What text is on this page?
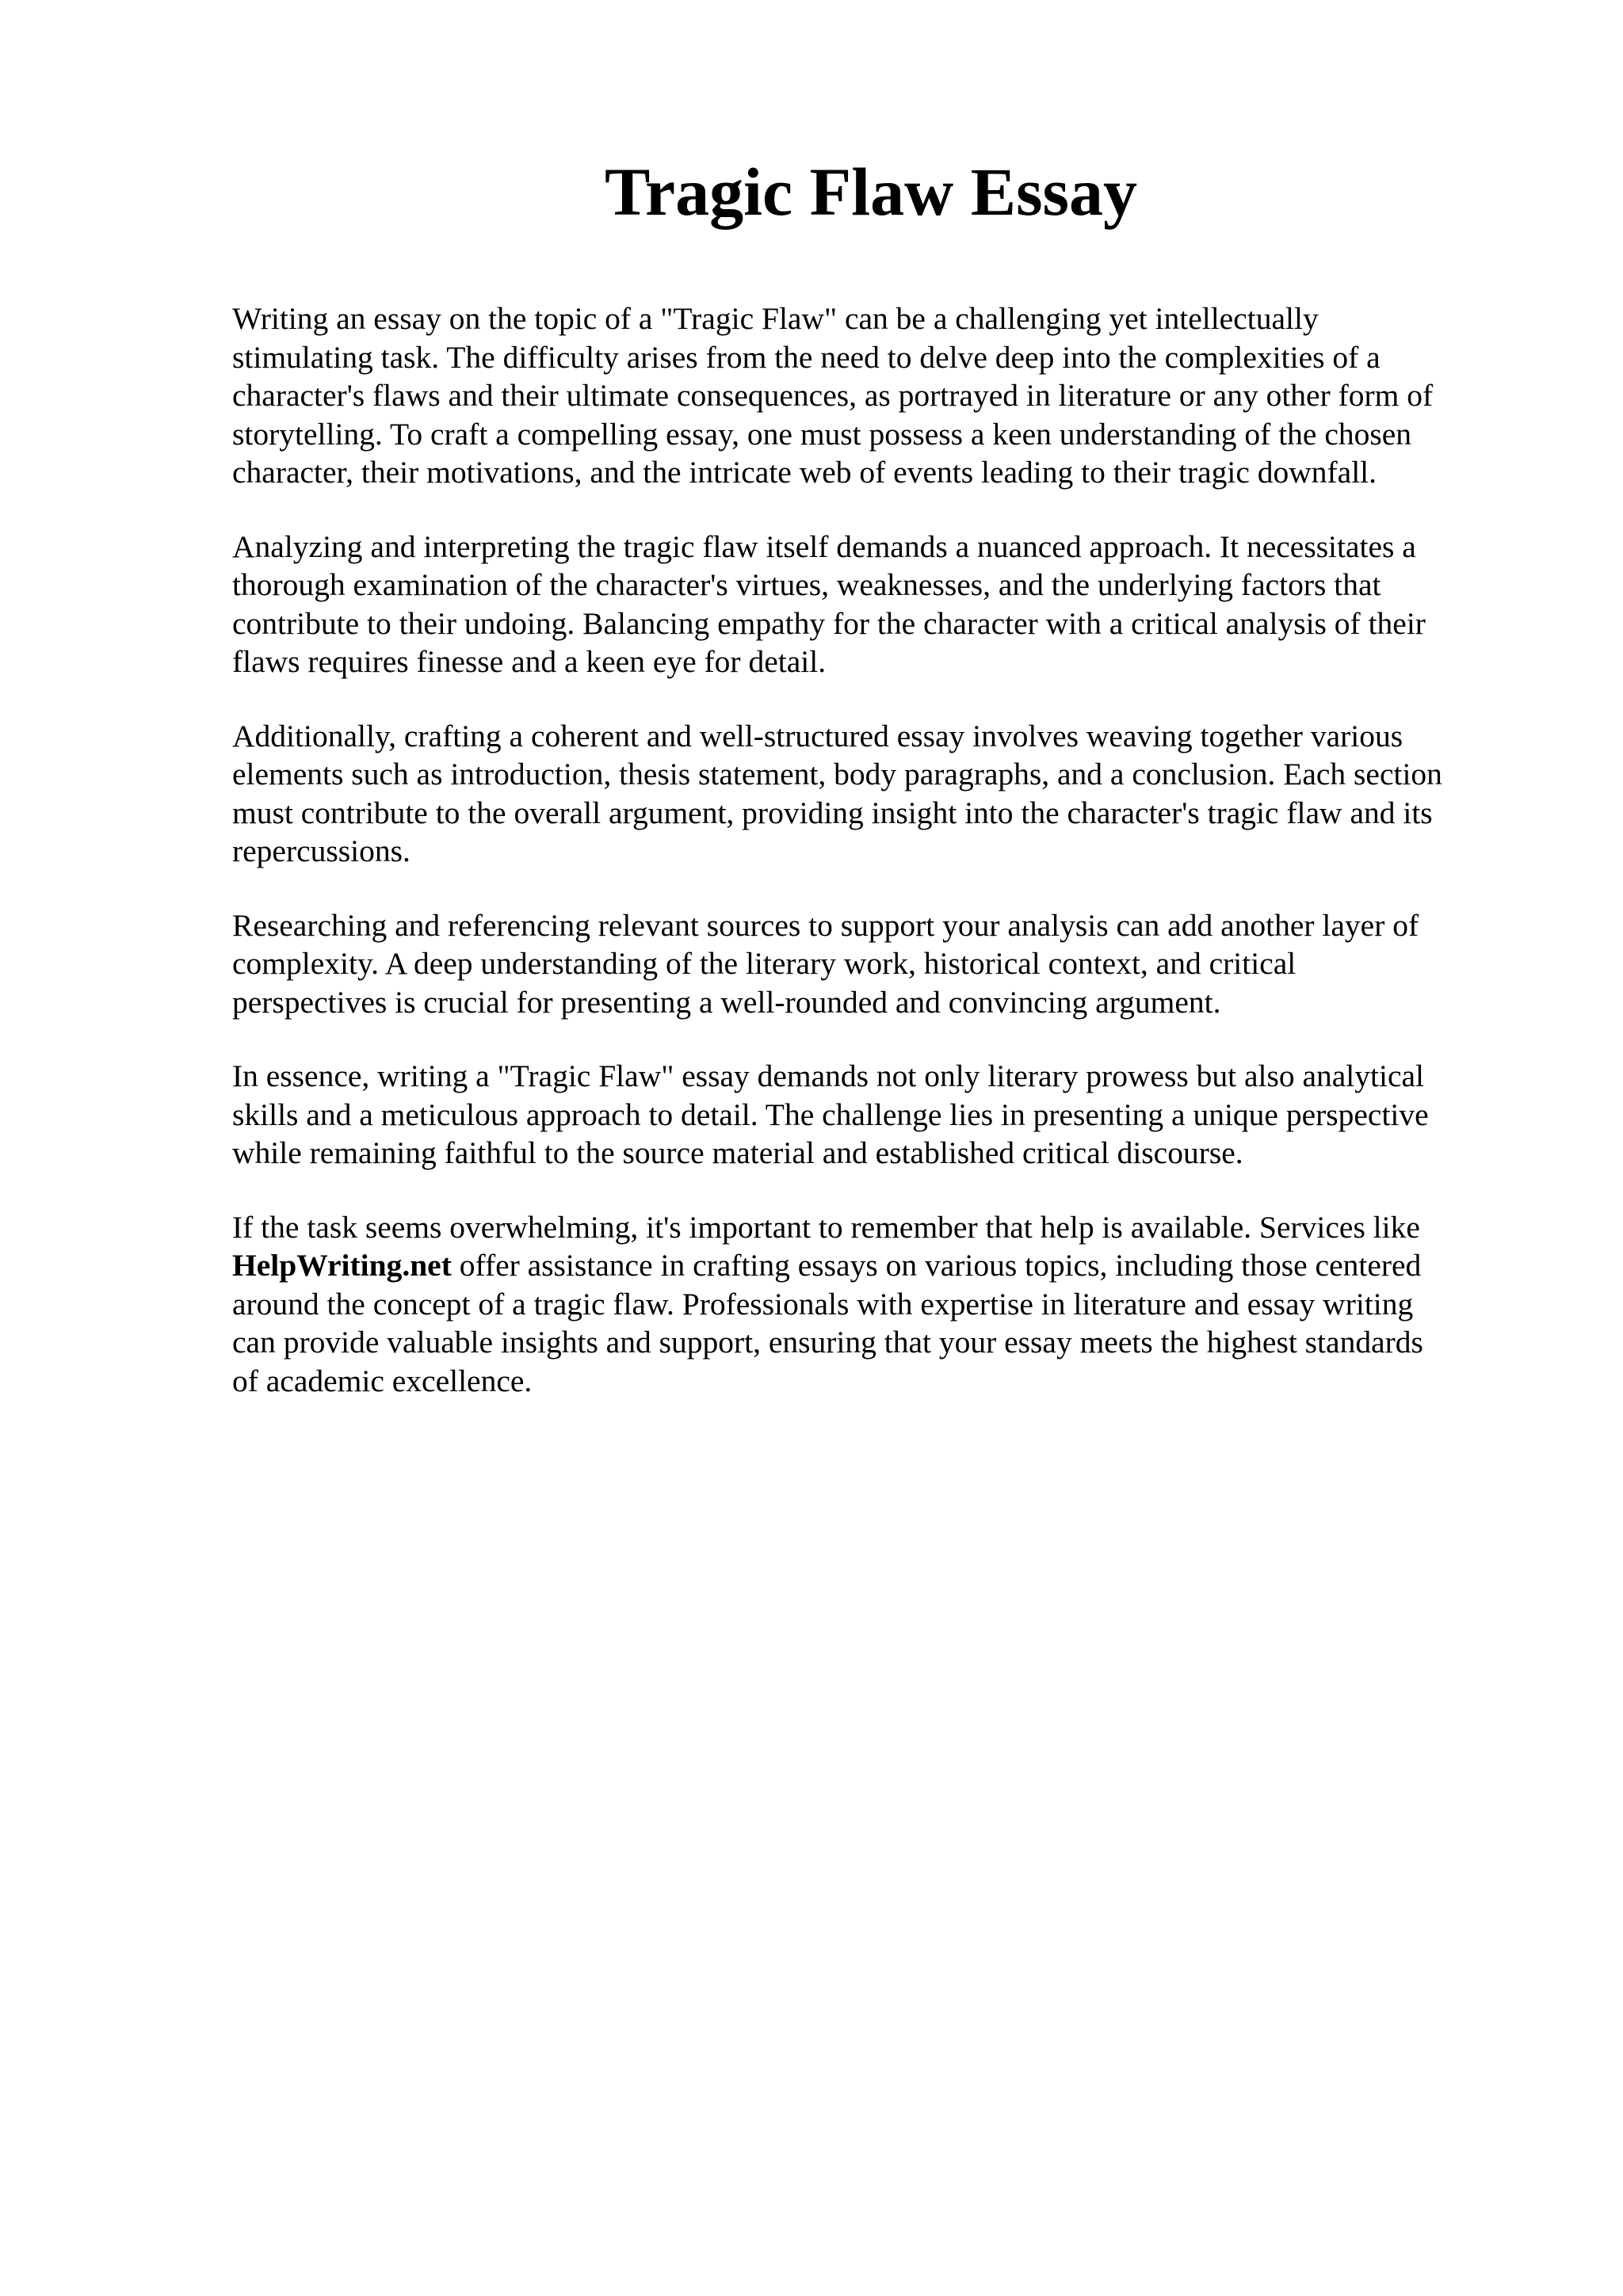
Tragic Flaw Essay

Writing an essay on the topic of a "Tragic Flaw" can be a challenging yet intellectually
stimulating task. The difficulty arises from the need to delve deep into the complexities of a
character's flaws and their ultimate consequences, as portrayed in literature or any other form of
storytelling. To craft a compelling essay, one must possess a keen understanding of the chosen
character, their motivations, and the intricate web of events leading to their tragic downfall.

Analyzing and interpreting the tragic flaw itself demands a nuanced approach. It necessitates a
thorough examination of the character's virtues, weaknesses, and the underlying factors that
contribute to their undoing. Balancing empathy for the character with a critical analysis of their
flaws requires finesse and a keen eye for detail.

Additionally, crafting a coherent and well-structured essay involves weaving together various
elements such as introduction, thesis statement, body paragraphs, and a conclusion. Each section
must contribute to the overall argument, providing insight into the character's tragic flaw and its
repercussions.

Researching and referencing relevant sources to support your analysis can add another layer of
complexity. A deep understanding of the literary work, historical context, and critical
perspectives is crucial for presenting a well-rounded and convincing argument.

In essence, writing a "Tragic Flaw" essay demands not only literary prowess but also analytical
skills and a meticulous approach to detail. The challenge lies in presenting a unique perspective
while remaining faithful to the source material and established critical discourse.

If the task seems overwhelming, it's important to remember that help is available. Services like
HelpWriting.net offer assistance in crafting essays on various topics, including those centered
around the concept of a tragic flaw. Professionals with expertise in literature and essay writing
can provide valuable insights and support, ensuring that your essay meets the highest standards
of academic excellence.
